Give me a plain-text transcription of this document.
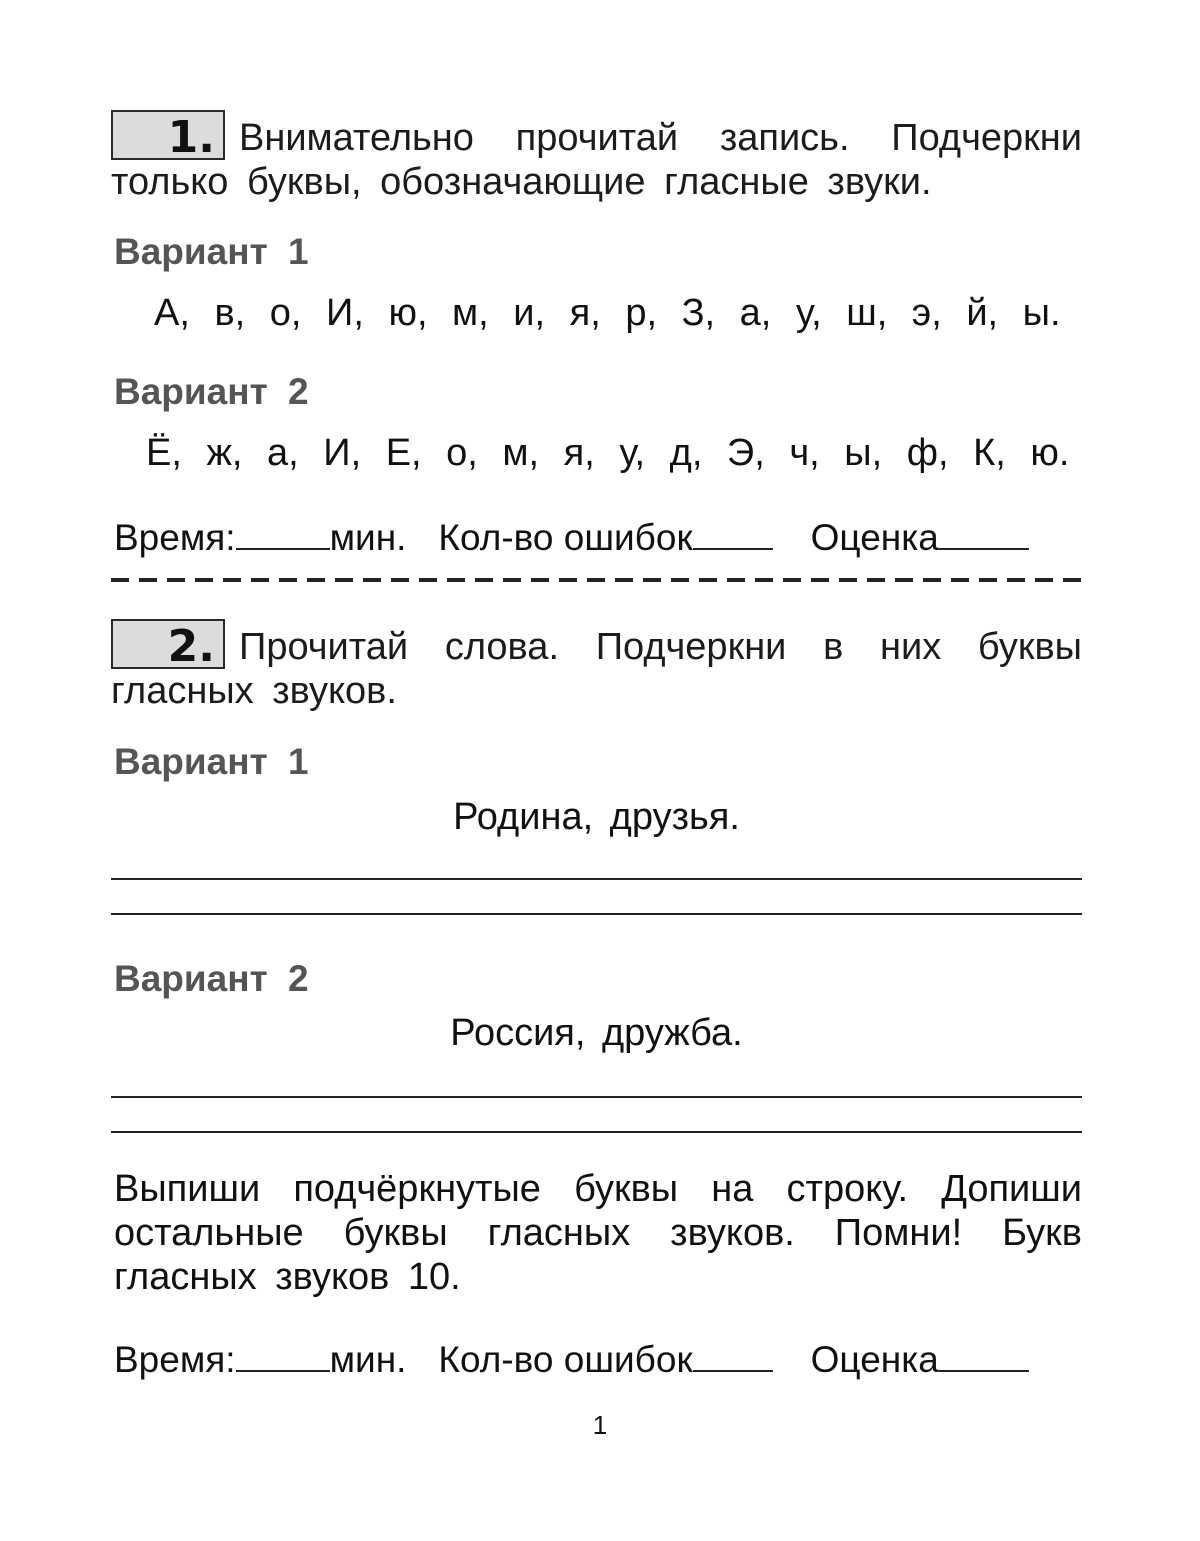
1. Внимательно прочитай запись. Подчеркни только буквы, обозначающие гласные звуки.
Вариант 1
А, в, о, И, ю, м, и, я, р, З, а, у, ш, э, й, ы.
Вариант 2
Ё, ж, а, И, Е, о, м, я, у, д, Э, ч, ы, ф, К, ю.
Время:	мин. Кол-во ошибок	Оценка
2. Прочитай слова. Подчеркни в них буквы гласных звуков.
Вариант 1
Родина, друзья.
Вариант 2
Россия, дружба.
Выпиши подчёркнутые буквы на строку. Допиши остальные буквы гласных звуков. Помни! Букв гласных звуков 10.
Время:	мин. Кол-во ошибок	Оценка
1
